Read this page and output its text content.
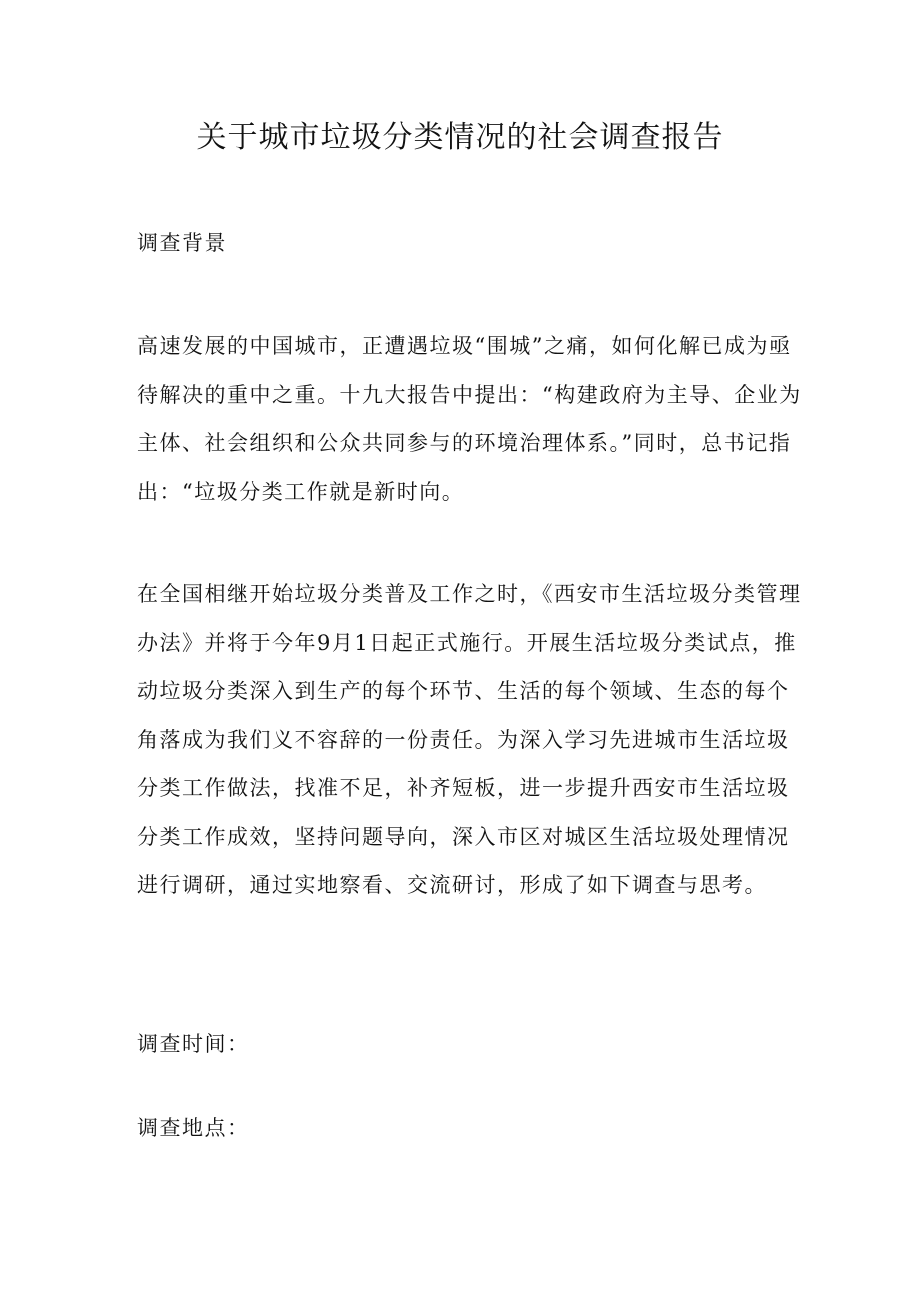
关于城市垃圾分类情况的社会调查报告
调查背景

高速发展的中国城市，正遭遇垃圾“围城”之痛，如何化解已成为亟待解决的重中之重。十九大报告中提出：“构建政府为主导、企业为主体、社会组织和公众共同参与的环境治理体系。”同时，总书记指出：“垃圾分类工作就是新时向。

在全国相继开始垃圾分类普及工作之时，《西安市生活垃圾分类管理办法》并将于今年9月1日起正式施行。开展生活垃圾分类试点，推动垃圾分类深入到生产的每个环节、生活的每个领域、生态的每个角落成为我们义不容辞的一份责任。为深入学习先进城市生活垃圾分类工作做法，找准不足，补齐短板，进一步提升西安市生活垃圾分类工作成效，坚持问题导向，深入市区对城区生活垃圾处理情况进行调研，通过实地察看、交流研讨，形成了如下调查与思考。

调查时间：
调查地点：
